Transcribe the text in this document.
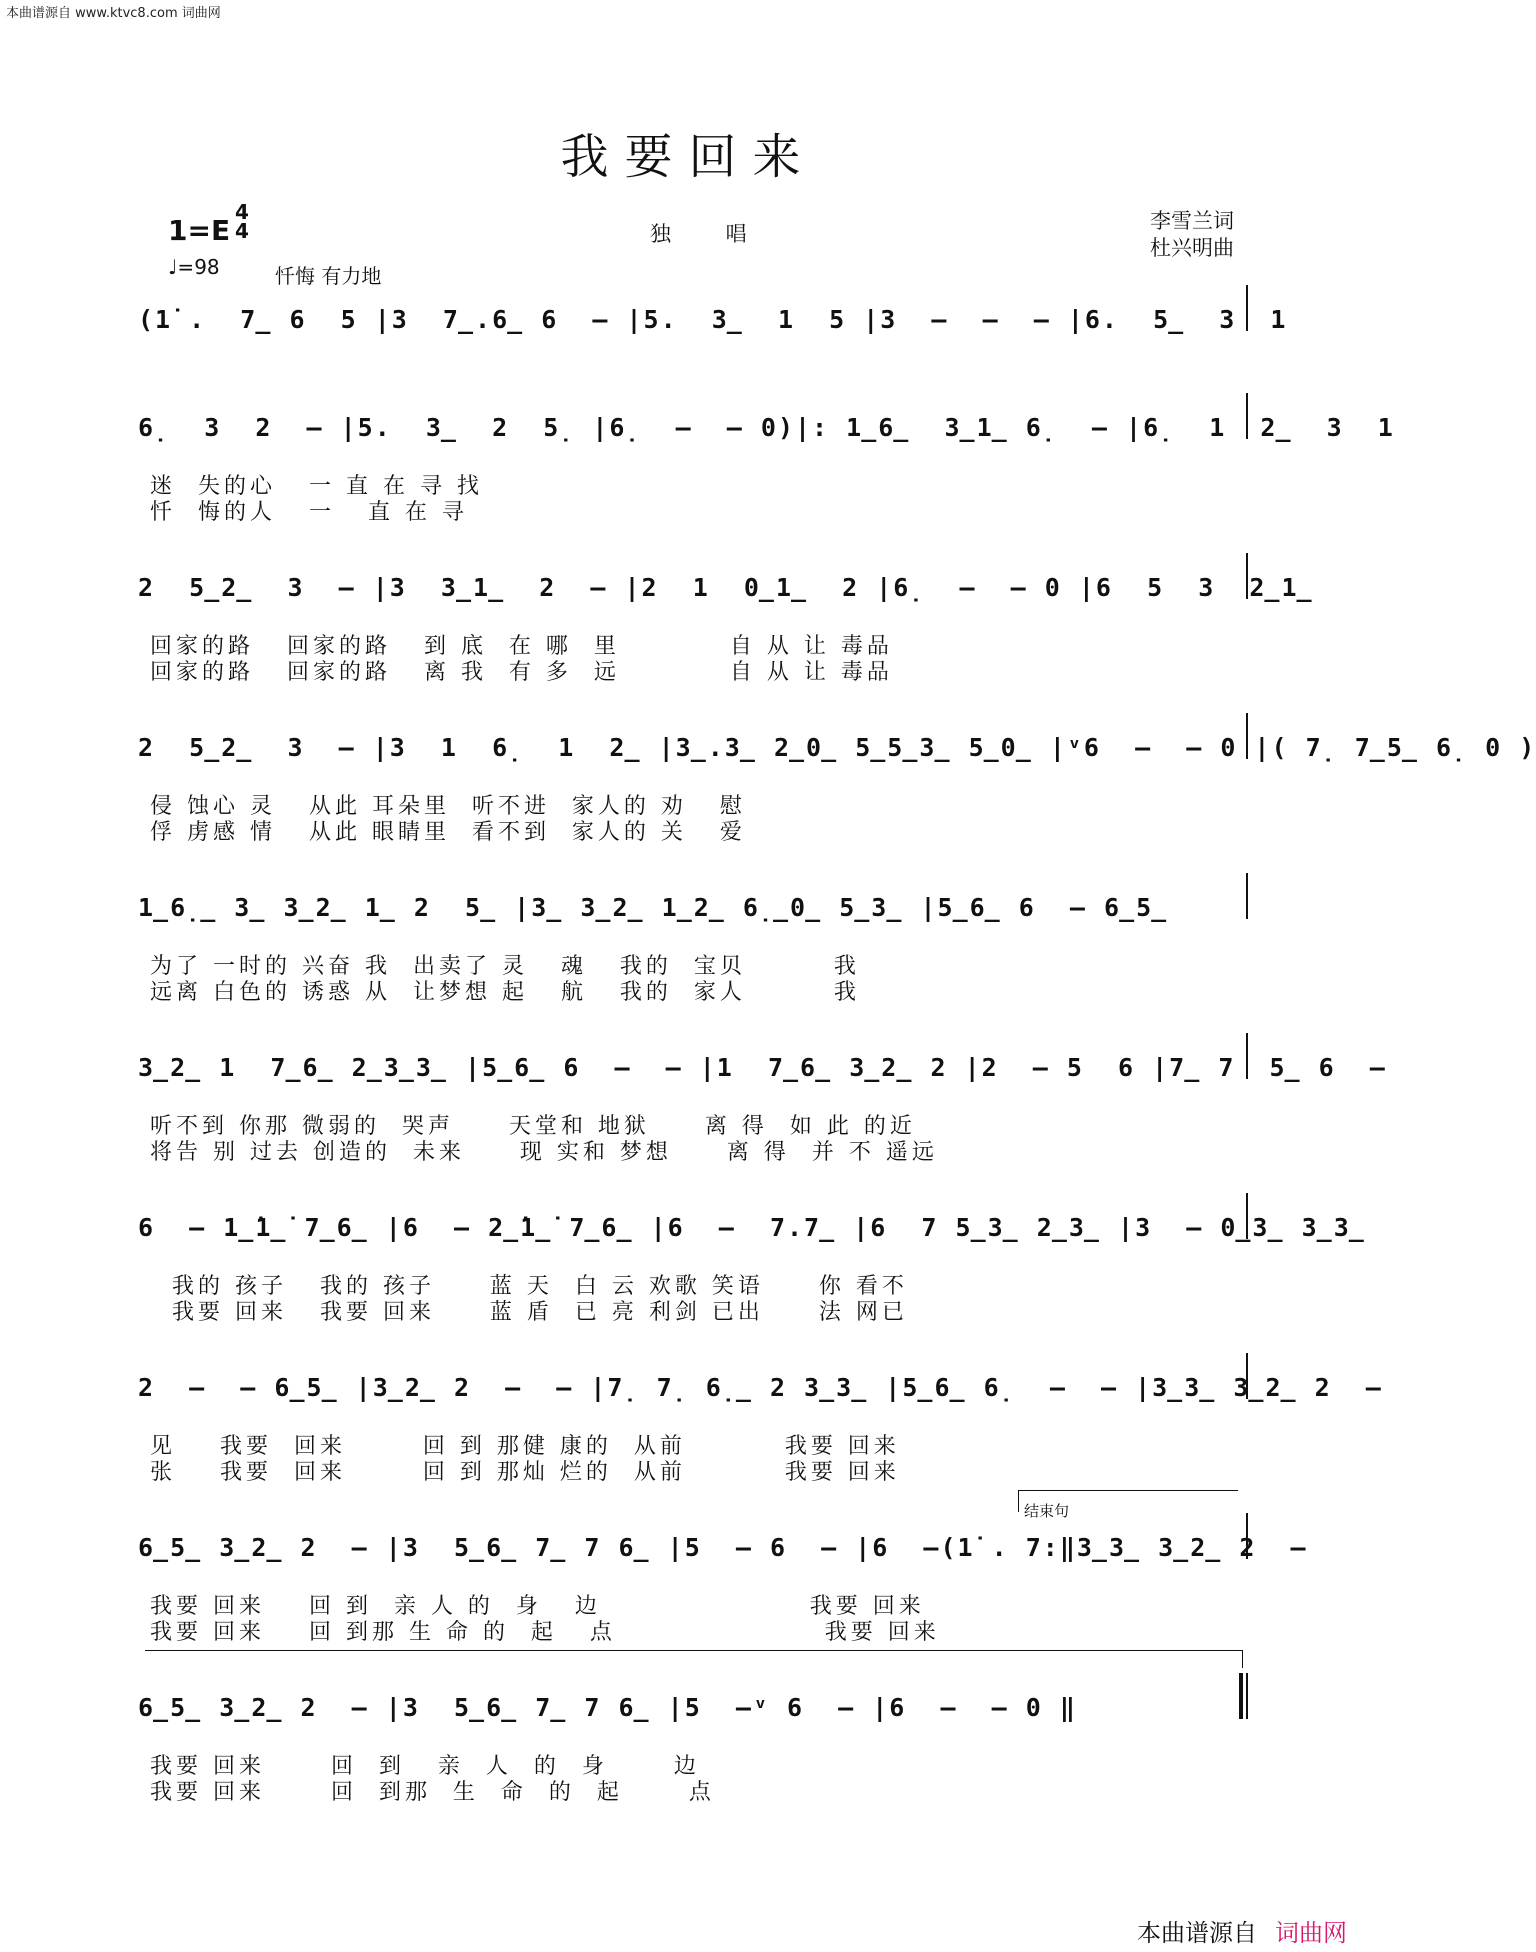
本曲谱源自 www.ktvc8.com 词曲网
我要回来
1=E
4
4
♩=98	忏悔 有力地
独 唱
李雪兰词
杜兴明曲
(1̇ .  7̲ 6  5 |3  7̲.6̲ 6  – |5.  3̲  1  5 |3  –  –  – |6.  5̲  3  1
6̣  3  2  – |5.  3̲  2  5̣ |6̣  –  – 0)|: 1̲6̲  3̲1̲ 6̣  – |6̣  1  2̲  3  1
迷  失的心   一 直 在 寻 找
忏  悔的人   一   直 在 寻
2  5̲2̲  3  – |3  3̲1̲  2  – |2  1  0̲1̲  2 |6̣  –  – 0 |6  5  3  2̲1̲
回家的路   回家的路   到 底  在 哪  里          自 从 让 毒品
回家的路   回家的路   离 我  有 多  远          自 从 让 毒品
2  5̲2̲  3  – |3  1  6̣  1  2̲ |3̲.3̲ 2̲0̲ 5̲5̲3̲ 5̲0̲ |ᵛ6  –  – 0 |( 7̣ 7̲5̲ 6̣ 0 )
侵 蚀心 灵   从此 耳朵里  听不进  家人的 劝   慰
俘 虏感 情   从此 眼睛里  看不到  家人的 关   爱
1̲6̣̲ 3̲ 3̲2̲ 1̲ 2  5̲ |3̲ 3̲2̲ 1̲2̲ 6̣̲0̲ 5̲3̲ |5̲6̲ 6  – 6̲5̲
为了 一时的 兴奋 我  出卖了 灵   魂   我的  宝贝        我
远离 白色的 诱惑 从  让梦想 起   航   我的  家人        我
3̲2̲ 1  7̲6̲ 2̲3̲3̲ |5̲6̲ 6  –  – |1  7̲6̲ 3̲2̲ 2 |2  – 5  6 |7̲ 7  5̲ 6  –
听不到 你那 微弱的  哭声     天堂和 地狱     离 得  如 此 的近
将告 别 过去 创造的  未来     现 实和 梦想     离 得  并 不 遥远
6  – 1̲̇1̲̇ 7̲6̲ |6  – 2̲̇1̲̇ 7̲6̲ |6  –  7.7̲ |6  7 5̲3̲ 2̲3̲ |3  – 0̲3̲ 3̲3̲
我的 孩子   我的 孩子     蓝 天  白 云 欢歌 笑语     你 看不
我要 回来   我要 回来     蓝 盾  已 亮 利剑 已出     法 网已
2  –  – 6̲5̲ |3̲2̲ 2  –  – |7̣ 7̣ 6̣̲ 2 3̲3̲ |5̲6̲ 6̣  –  – |3̲3̲ 3̲2̲ 2  –
见    我要  回来       回 到 那健 康的  从前         我要 回来
张    我要  回来       回 到 那灿 烂的  从前         我要 回来
6̲5̲ 3̲2̲ 2  – |3  5̲6̲ 7̲ 7 6̲ |5  – 6  – |6  –(1̇ . 7:‖3̲3̲ 3̲2̲ 2  –
我要 回来    回 到  亲 人 的  身   边                   我要 回来
我要 回来    回 到那 生 命 的  起   点                   我要 回来
6̲5̲ 3̲2̲ 2  – |3  5̲6̲ 7̲ 7 6̲ |5  –ᵛ 6  – |6  –  – 0 ‖
我要 回来      回  到   亲  人  的  身      边
我要 回来      回  到那  生  命  的  起      点
结束句
本曲谱源自 词曲网
